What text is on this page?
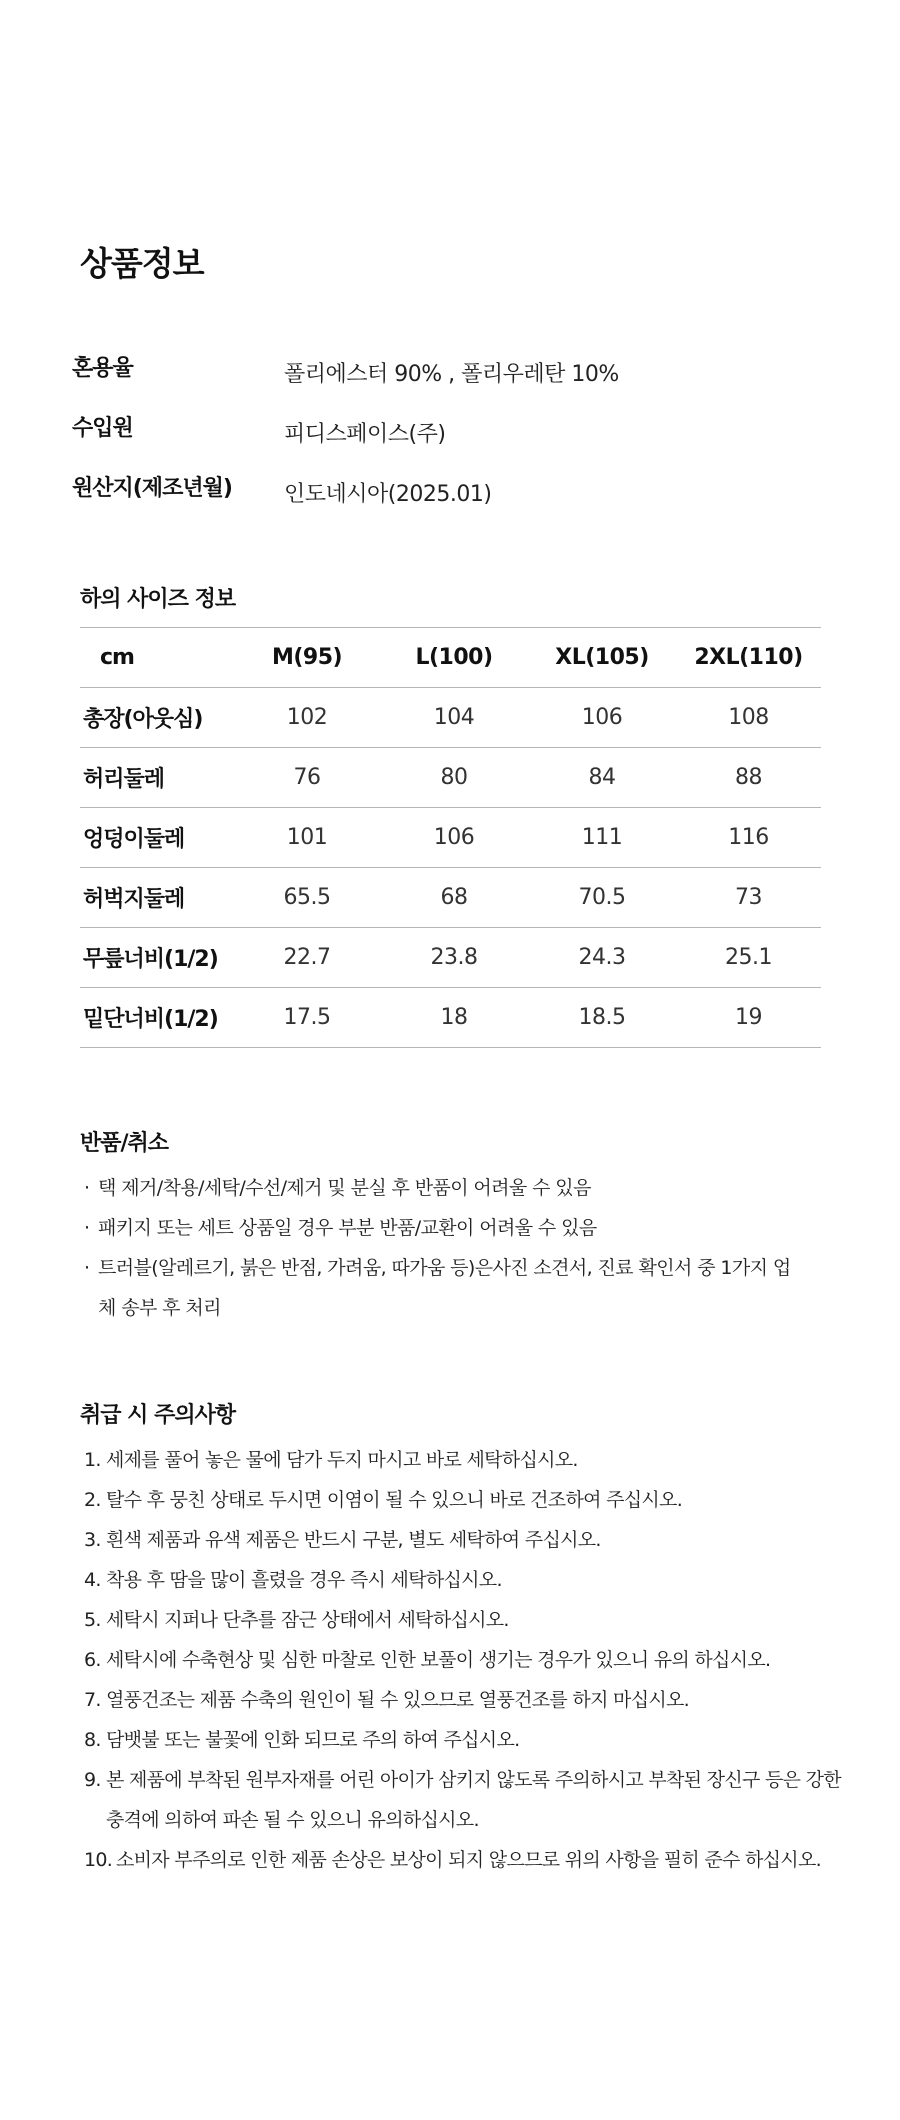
상품정보
혼용율	폴리에스터 90% , 폴리우레탄 10%
수입원	피디스페이스(주)
원산지(제조년월) 인도네시아(2025.01)
하의 사이즈 정보
cm	M(95)	L(100)	XL(105)	2XL(110)
총장(아웃심)	102	104	106	108
허리둘레	76	80	84	88
엉덩이둘레	101	106	111	116
허벅지둘레	65.5	68	70.5	73
무릎너비(1/2)	22.7	23.8	24.3	25.1
밑단너비(1/2)	17.5	18	18.5	19
반품/취소
· 택 제거/착용/세탁/수선/제거 및 분실 후 반품이 어려울 수 있음
· 패키지 또는 세트 상품일 경우 부분 반품/교환이 어려울 수 있음
· 트러블(알레르기, 붉은 반점, 가려움, 따가움 등)은사진 소견서, 진료 확인서 중 1가지 업체 송부 후 처리
취급 시 주의사항
1. 세제를 풀어 놓은 물에 담가 두지 마시고 바로 세탁하십시오.
2. 탈수 후 뭉친 상태로 두시면 이염이 될 수 있으니 바로 건조하여 주십시오.
3. 흰색 제품과 유색 제품은 반드시 구분, 별도 세탁하여 주십시오.
4. 착용 후 땀을 많이 흘렸을 경우 즉시 세탁하십시오.
5. 세탁시 지퍼나 단추를 잠근 상태에서 세탁하십시오.
6. 세탁시에 수축현상 및 심한 마찰로 인한 보풀이 생기는 경우가 있으니 유의 하십시오.
7. 열풍건조는 제품 수축의 원인이 될 수 있으므로 열풍건조를 하지 마십시오.
8. 담뱃불 또는 불꽃에 인화 되므로 주의 하여 주십시오.
9. 본 제품에 부착된 원부자재를 어린 아이가 삼키지 않도록 주의하시고 부착된 장신구 등은 강한 충격에 의하여 파손 될 수 있으니 유의하십시오.
10. 소비자 부주의로 인한 제품 손상은 보상이 되지 않으므로 위의 사항을 필히 준수 하십시오.
